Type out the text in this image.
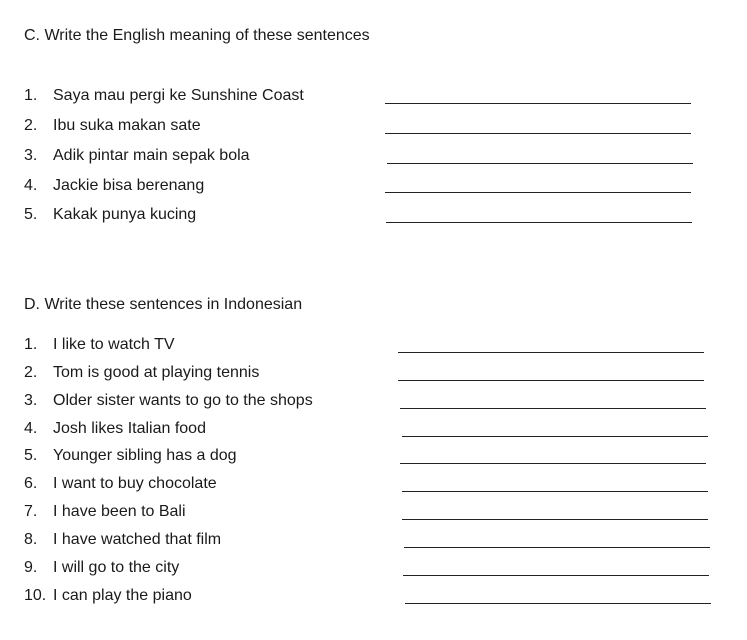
C. Write the English meaning of these sentences
1. Saya mau pergi ke Sunshine Coast
2. Ibu suka makan sate
3. Adik pintar main sepak bola
4. Jackie bisa berenang
5. Kakak punya kucing
D. Write these sentences in Indonesian
1. I like to watch TV
2. Tom is good at playing tennis
3. Older sister wants to go to the shops
4. Josh likes Italian food
5. Younger sibling has a dog
6. I want to buy chocolate
7. I have been to Bali
8. I have watched that film
9. I will go to the city
10. I can play the piano
